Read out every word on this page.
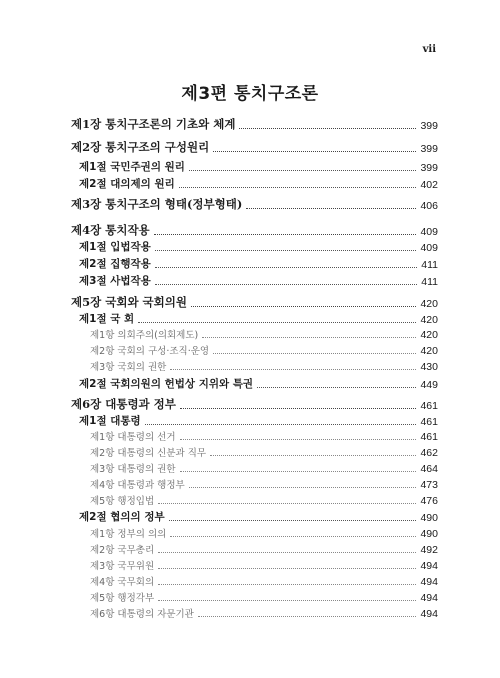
vii
제3편 통치구조론
제1장 통치구조론의 기초와 체계	399
제2장 통치구조의 구성원리	399
제1절 국민주권의 원리	399
제2절 대의제의 원리	402
제3장 통치구조의 형태(정부형태)	406
제4장 통치작용	409
제1절 입법작용	409
제2절 집행작용	411
제3절 사법작용	411
제5장 국회와 국회의원	420
제1절 국 회	420
제1항 의회주의(의회제도)	420
제2항 국회의 구성·조직·운영	420
제3항 국회의 권한	430
제2절 국회의원의 헌법상 지위와 특권	449
제6장 대통령과 정부	461
제1절 대통령	461
제1항 대통령의 선거	461
제2항 대통령의 신분과 직무	462
제3항 대통령의 권한	464
제4항 대통령과 행정부	473
제5항 행정입법	476
제2절 협의의 정부	490
제1항 정부의 의의	490
제2항 국무총리	492
제3항 국무위원	494
제4항 국무회의	494
제5항 행정각부	494
제6항 대통령의 자문기관	494
